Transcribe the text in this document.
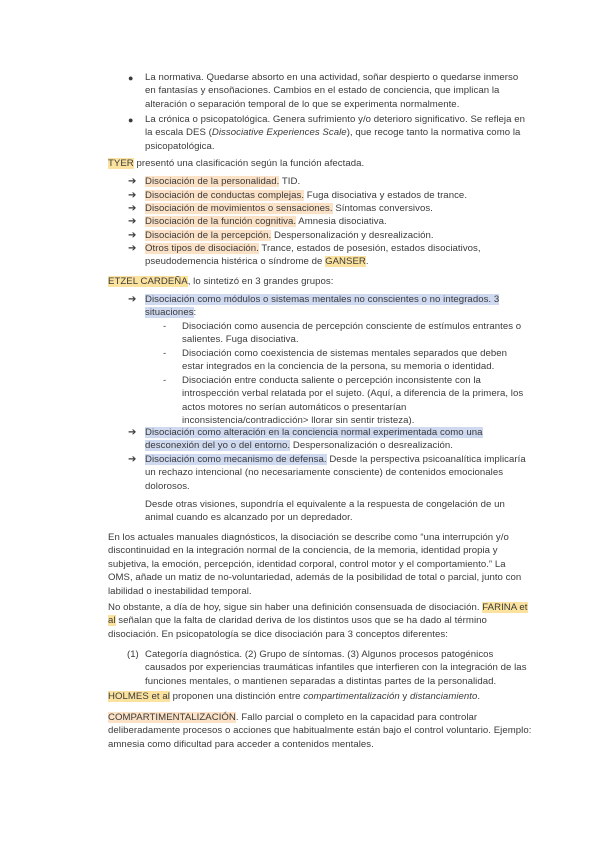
● La normativa. Quedarse absorto en una actividad, soñar despierto o quedarse inmerso en fantasías y ensoñaciones. Cambios en el estado de conciencia, que implican la alteración o separación temporal de lo que se experimenta normalmente.
● La crónica o psicopatológica. Genera sufrimiento y/o deterioro significativo. Se refleja en la escala DES (Dissociative Experiences Scale), que recoge tanto la normativa como la psicopatológica.
TYER presentó una clasificación según la función afectada.
➔ Disociación de la personalidad. TID.
➔ Disociación de conductas complejas. Fuga disociativa y estados de trance.
➔ Disociación de movimientos o sensaciones. Síntomas conversivos.
➔ Disociación de la función cognitiva. Amnesia disociativa.
➔ Disociación de la percepción. Despersonalización y desrealización.
➔ Otros tipos de disociación. Trance, estados de posesión, estados disociativos, pseudodemencia histérica o síndrome de GANSER.
ETZEL CARDEÑA, lo sintetizó en 3 grandes grupos:
➔ Disociación como módulos o sistemas mentales no conscientes o no integrados. 3 situaciones:
- Disociación como ausencia de percepción consciente de estímulos entrantes o salientes. Fuga disociativa.
- Disociación como coexistencia de sistemas mentales separados que deben estar integrados en la conciencia de la persona, su memoria o identidad.
- Disociación entre conducta saliente o percepción inconsistente con la introspección verbal relatada por el sujeto. (Aquí, a diferencia de la primera, los actos motores no serían automáticos o presentarían inconsistencia/contradicción> llorar sin sentir tristeza).
➔ Disociación como alteración en la conciencia normal experimentada como una desconexión del yo o del entorno. Despersonalización o desrealización.
➔ Disociación como mecanismo de defensa. Desde la perspectiva psicoanalítica implicaría un rechazo intencional (no necesariamente consciente) de contenidos emocionales dolorosos.
Desde otras visiones, supondría el equivalente a la respuesta de congelación de un animal cuando es alcanzado por un depredador.
En los actuales manuales diagnósticos, la disociación se describe como “una interrupción y/o discontinuidad en la integración normal de la conciencia, de la memoria, identidad propia y subjetiva, la emoción, percepción, identidad corporal, control motor y el comportamiento.” La OMS, añade un matiz de no-voluntariedad, además de la posibilidad de total o parcial, junto con labilidad o inestabilidad temporal.
No obstante, a día de hoy, sigue sin haber una definición consensuada de disociación. FARINA et al señalan que la falta de claridad deriva de los distintos usos que se ha dado al término disociación. En psicopatología se dice disociación para 3 conceptos diferentes:
(1) Categoría diagnóstica. (2) Grupo de síntomas. (3) Algunos procesos patogénicos causados por experiencias traumáticas infantiles que interfieren con la integración de las funciones mentales, o mantienen separadas a distintas partes de la personalidad.
HOLMES et al proponen una distinción entre compartimentalización y distanciamiento.
COMPARTIMENTALIZACIÓN. Fallo parcial o completo en la capacidad para controlar deliberadamente procesos o acciones que habitualmente están bajo el control voluntario. Ejemplo: amnesia como dificultad para acceder a contenidos mentales.
